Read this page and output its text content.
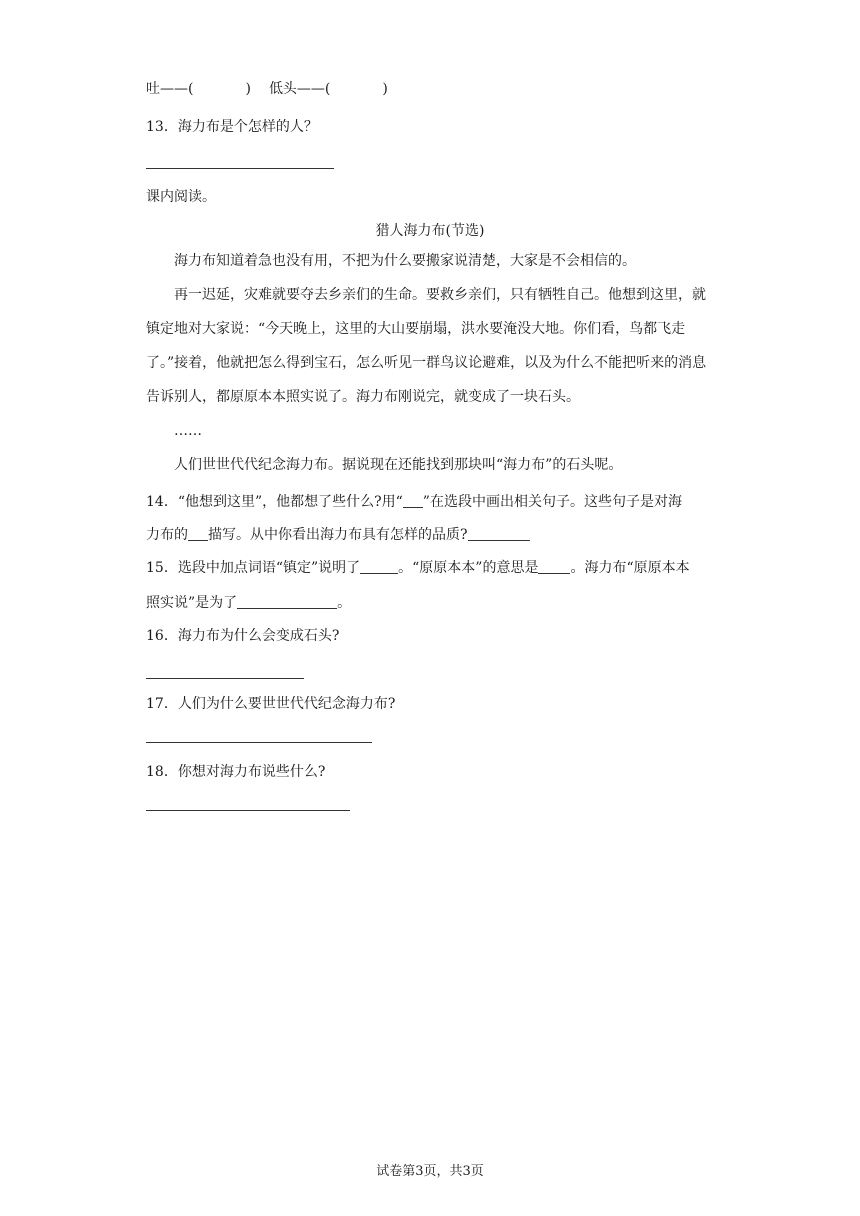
吐——(	) 低头——(	)
13．海力布是个怎样的人？
课内阅读。
猎人海力布(节选)

海力布知道着急也没有用，不把为什么要搬家说清楚，大家是不会相信的。

再一迟延，灾难就要夺去乡亲们的生命。要救乡亲们，只有牺牲自己。他想到这里，就镇定地对大家说：“今天晚上，这里的大山要崩塌，洪水要淹没大地。你们看，鸟都飞走了。”接着，他就把怎么得到宝石，怎么听见一群鸟议论避难，以及为什么不能把听来的消息告诉别人，都原原本本照实说了。海力布刚说完，就变成了一块石头。

……

人们世世代代纪念海力布。据说现在还能找到那块叫“海力布”的石头呢。

14．“他想到这里”，他都想了些什么?用“ ”在选段中画出相关句子。这些句子是对海
力布的 描写。从中你看出海力布具有怎样的品质?
15．选段中加点词语“镇定”说明了	。“原原本本”的意思是 。海力布“原原本本
照实说”是为了	。
16．海力布为什么会变成石头?
17．人们为什么要世世代代纪念海力布?
18．你想对海力布说些什么?
试卷第3页，共3页
